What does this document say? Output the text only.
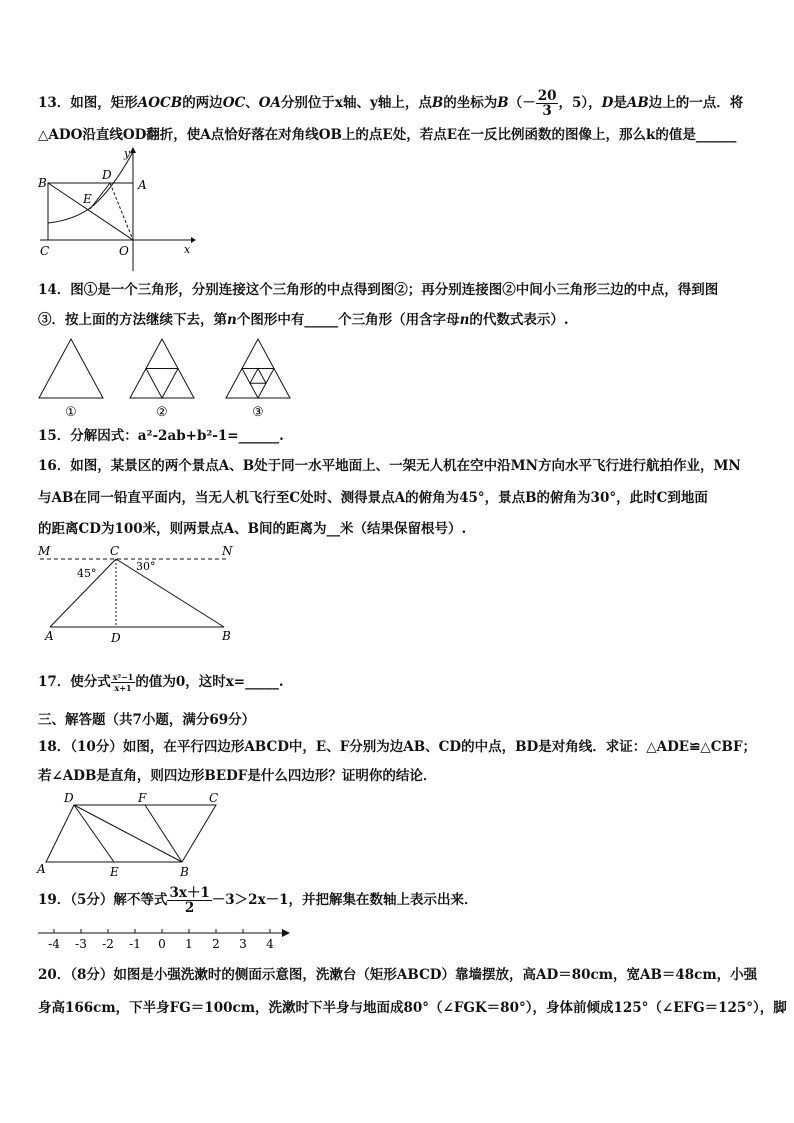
13．如图，矩形AOCB的两边OC、OA分别位于x轴、y轴上，点B的坐标为$B(- \frac{20}{3}$ ，5），D是AB边上的一点．将
△ADO沿直线OD翻折，使A点恰好落在对角线OB上的点E处，若点E在一反比例函数的图像上，那么k的值是______
B
D
A
E
y
C	O	x
14．图①是一个三角形，分别连接这个三角形的中点得到图②；再分别连接图②中间小三角形三边的中点，得到图
③．按上面的方法继续下去，第n个图形中有_____个三角形（用含字母n的代数式表示）.
①	②	③
15．分解因式：a²-2ab+b²-1=______.
16．如图，某景区的两个景点A、B处于同一水平地面上、一架无人机在空中沿MN方向水平飞行进行航拍作业，MN
与AB在同一铅直平面内，当无人机飞行至C处时、测得景点A的俯角为45°，景点B的俯角为30°，此时C到地面
的距离CD为100米，则两景点A、B间的距离为__米（结果保留根号）.
M	C	N
45°
30°
A	D	B
17．使分式 $\frac{\text{x²−1}}{x+1}$ 的值为0，这时x=_____.
三、解答题（共7小题，满分69分）
18．（10分）如图，在平行四边形ABCD中，E、F分别为边AB、CD的中点，BD是对角线．求证：△ADE≌△CBF；
若∠ADB是直角，则四边形BEDF是什么四边形？证明你的结论．
D	F	C
A	E	B
19．（5分）解不等式 $\frac{3x+1}{2} -3>2x-1$，并把解集在数轴上表示出来．
-4 -3 -2 -1 0 1 2 3 4
20．（8分）如图是小强洗漱时的侧面示意图，洗漱台（矩形ABCD）靠墙摆放，高AD＝80cm，宽AB＝48cm，小强
身高166cm，下半身FG＝100cm，洗漱时下半身与地面成80°（∠FGK＝80°），身体前倾成125°（∠EFG＝125°），脚
